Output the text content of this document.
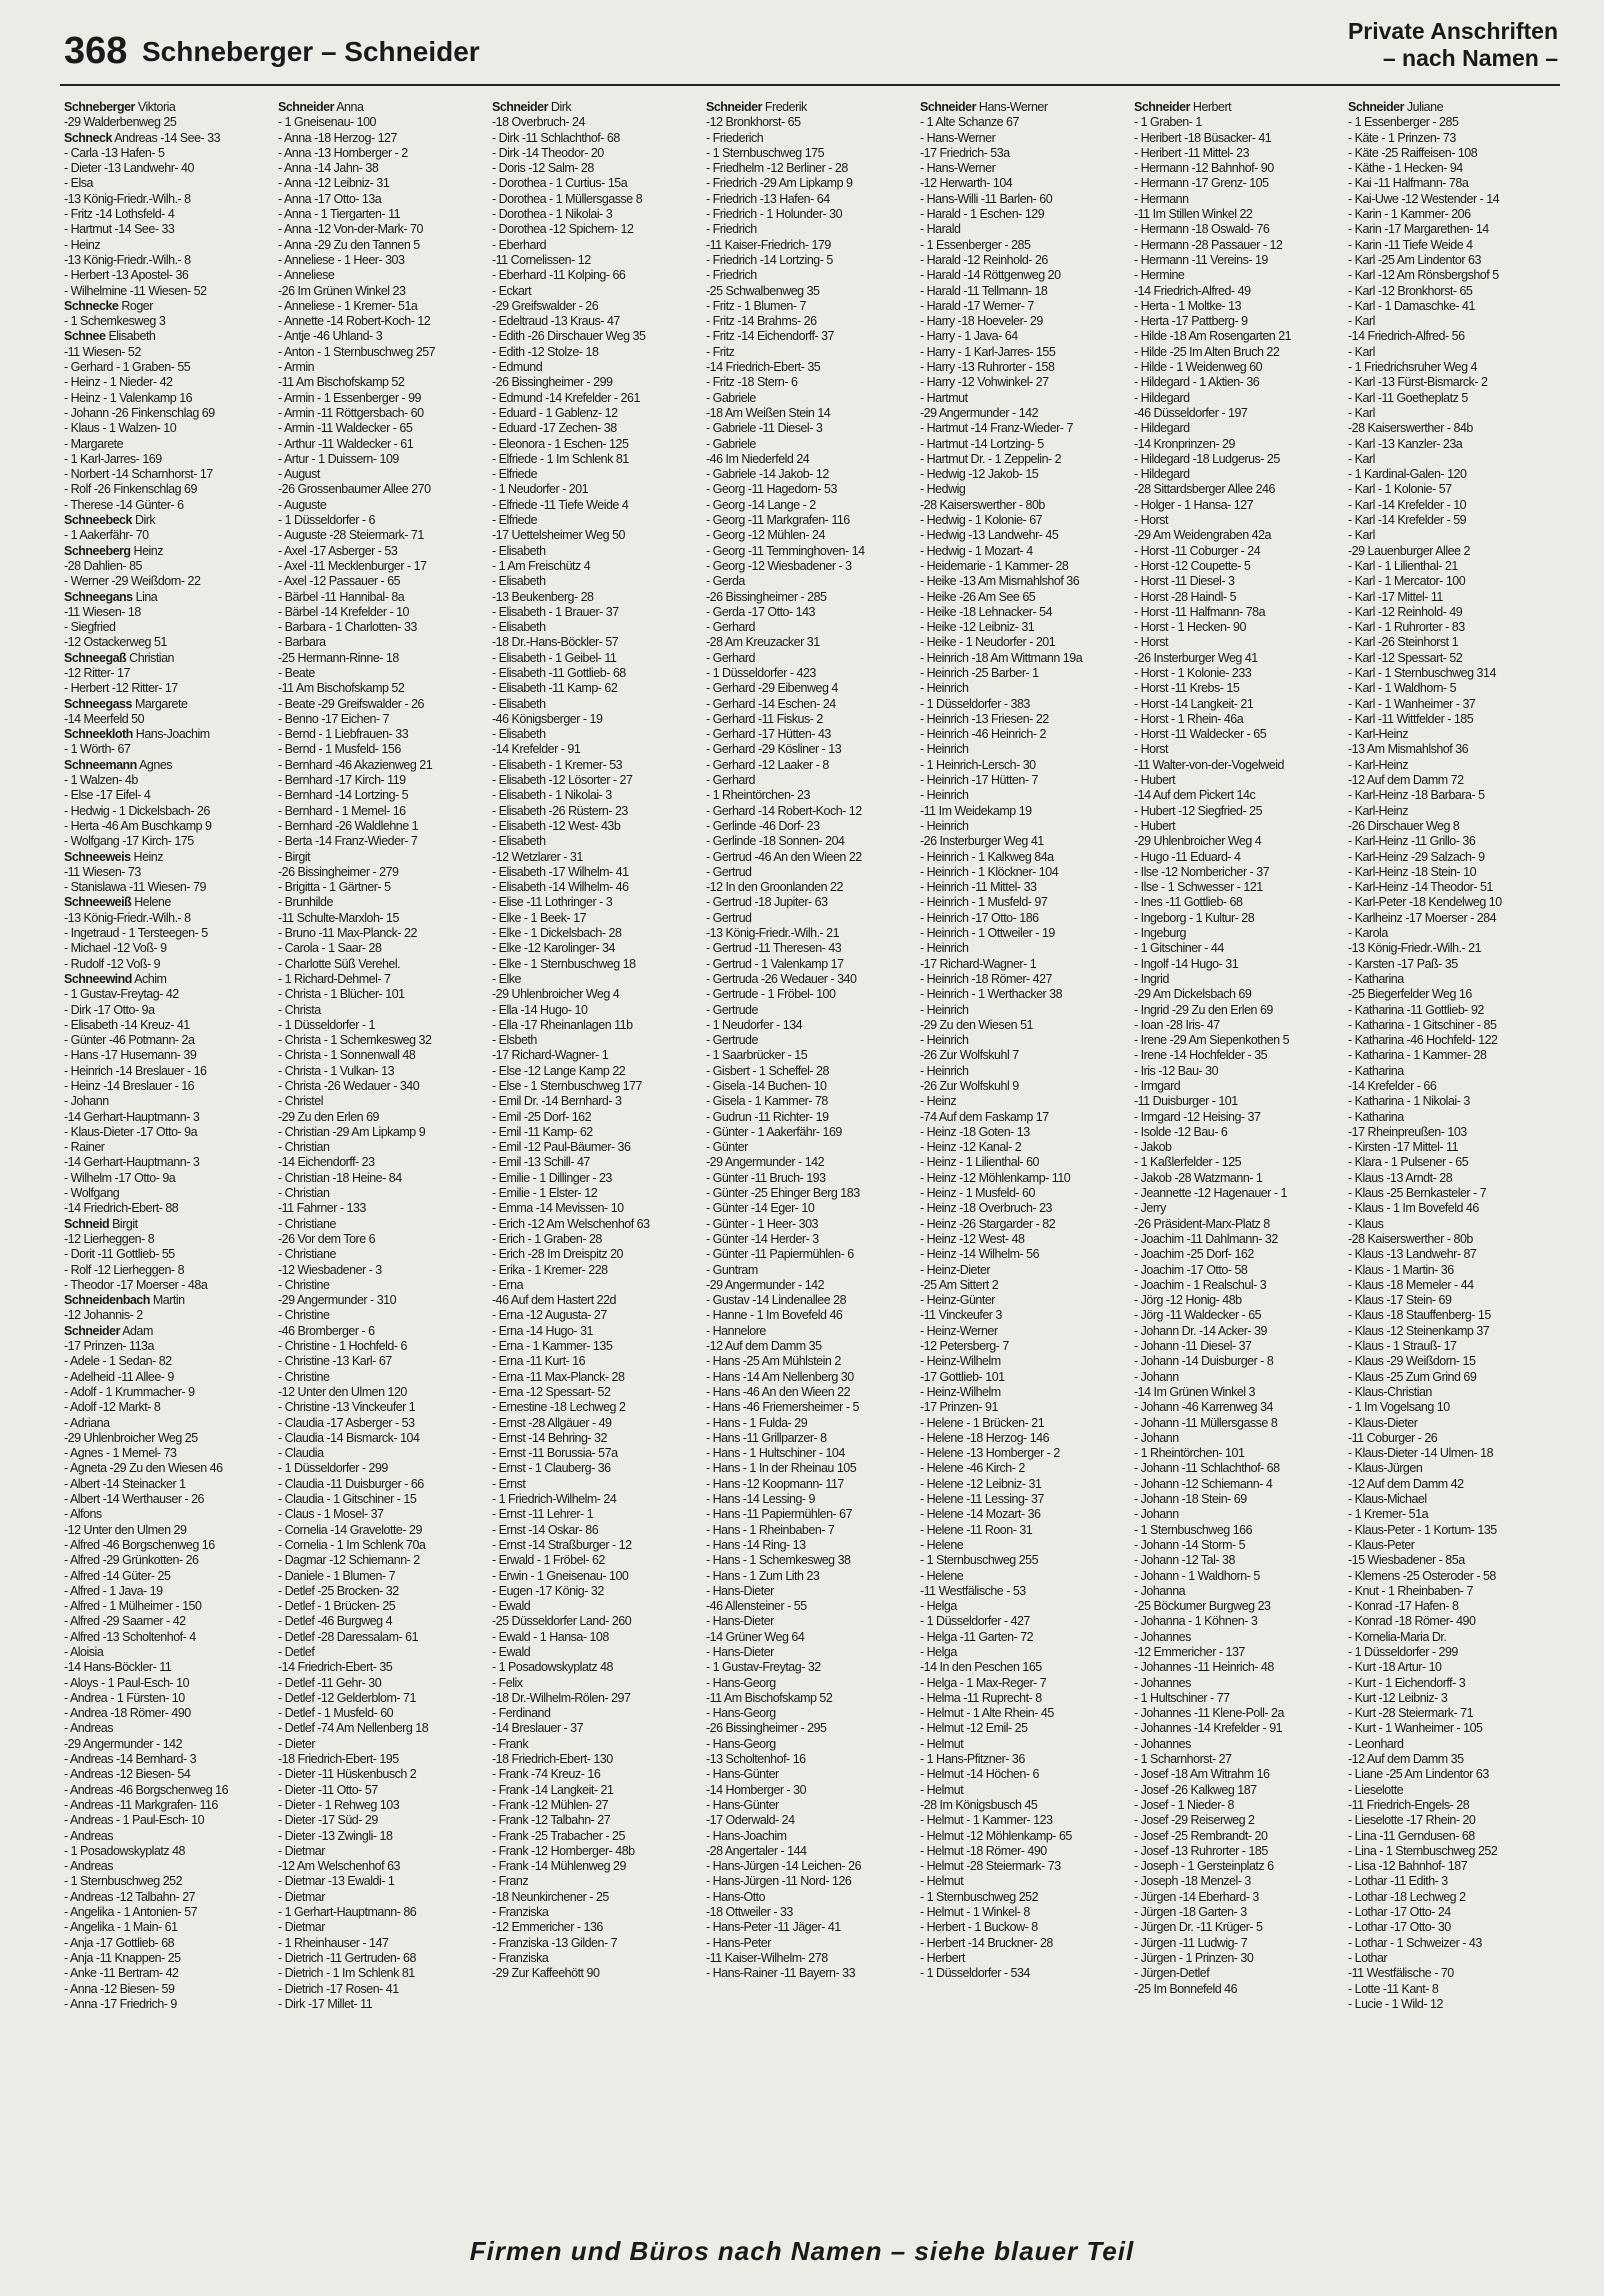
368 Schneberger – Schneider
Private Anschriften
– nach Namen –
Schneberger Viktoria
-29 Walderbenweg 25
Schneck Andreas -14 See- 33
- Carla -13 Hafen- 5
- Dieter -13 Landwehr- 40
- Elsa
-13 König-Friedr.-Wilh.- 8
- Fritz -14 Lothsfeld- 4
- Hartmut -14 See- 33
- Heinz
-13 König-Friedr.-Wilh.- 8
- Herbert -13 Apostel- 36
- Wilhelmine -11 Wiesen- 52
Schnecke Roger
- 1 Schemkesweg 3
Schnee Elisabeth
-11 Wiesen- 52
- Gerhard - 1 Graben- 55
- Heinz - 1 Nieder- 42
- Heinz - 1 Valenkamp 16
- Johann -26 Finkenschlag 69
- Klaus - 1 Walzen- 10
- Margarete
- 1 Karl-Jarres- 169
- Norbert -14 Scharnhorst- 17
- Rolf -26 Finkenschlag 69
- Therese -14 Günter- 6
Schneebeck Dirk
- 1 Aakerfähr- 70
Schneeberg Heinz
-28 Dahlien- 85
- Werner -29 Weißdorn- 22
Schneegans Lina
-11 Wiesen- 18
- Siegfried
-12 Ostackerweg 51
Schneegaß Christian
-12 Ritter- 17
- Herbert -12 Ritter- 17
Schneegass Margarete
-14 Meerfeld 50
Schneekloth Hans-Joachim
- 1 Wörth- 67
Schneemann Agnes
- 1 Walzen- 4b
- Else -17 Eifel- 4
- Hedwig - 1 Dickelsbach- 26
- Herta -46 Am Buschkamp 9
- Wolfgang -17 Kirch- 175
Schneeweis Heinz
-11 Wiesen- 73
- Stanislawa -11 Wiesen- 79
Schneeweiß Helene
-13 König-Friedr.-Wilh.- 8
- Ingetraud - 1 Tersteegen- 5
- Michael -12 Voß- 9
- Rudolf -12 Voß- 9
Schneewind Achim
- 1 Gustav-Freytag- 42
- Dirk -17 Otto- 9a
- Elisabeth -14 Kreuz- 41
- Günter -46 Potmann- 2a
- Hans -17 Husemann- 39
- Heinrich -14 Breslauer - 16
- Heinz -14 Breslauer - 16
- Johann
-14 Gerhart-Hauptmann- 3
- Klaus-Dieter -17 Otto- 9a
- Rainer
-14 Gerhart-Hauptmann- 3
- Wilhelm -17 Otto- 9a
- Wolfgang
-14 Friedrich-Ebert- 88
Schneid Birgit
-12 Lierheggen- 8
- Dorit -11 Gottlieb- 55
- Rolf -12 Lierheggen- 8
- Theodor -17 Moerser - 48a
Schneidenbach Martin
-12 Johannis- 2
Schneider Adam
-17 Prinzen- 113a
- Adele - 1 Sedan- 82
- Adelheid -11 Allee- 9
- Adolf - 1 Krummacher- 9
- Adolf -12 Markt- 8
- Adriana
-29 Uhlenbroicher Weg 25
- Agnes - 1 Memel- 73
- Agneta -29 Zu den Wiesen 46
- Albert -14 Steinacker 1
- Albert -14 Werthauser - 26
- Alfons
-12 Unter den Ulmen 29
- Alfred -46 Borgschenweg 16
- Alfred -29 Grünkotten- 26
- Alfred -14 Güter- 25
- Alfred - 1 Java- 19
- Alfred - 1 Mülheimer - 150
- Alfred -29 Saarner - 42
- Alfred -13 Scholtenhof- 4
- Aloisia
-14 Hans-Böckler- 11
- Aloys - 1 Paul-Esch- 10
- Andrea - 1 Fürsten- 10
- Andrea -18 Römer- 490
- Andreas
-29 Angermunder - 142
- Andreas -14 Bernhard- 3
- Andreas -12 Biesen- 54
- Andreas -46 Borgschenweg 16
- Andreas -11 Markgrafen- 116
- Andreas - 1 Paul-Esch- 10
- Andreas
- 1 Posadowskyplatz 48
- Andreas
- 1 Sternbuschweg 252
- Andreas -12 Talbahn- 27
- Angelika - 1 Antonien- 57
- Angelika - 1 Main- 61
- Anja -17 Gottlieb- 68
- Anja -11 Knappen- 25
- Anke -11 Bertram- 42
- Anna -12 Biesen- 59
- Anna -17 Friedrich- 9
Schneider Anna
- 1 Gneisenau- 100
- Anna -18 Herzog- 127
- Anna -13 Homberger - 2
- Anna -14 Jahn- 38
- Anna -12 Leibniz- 31
- Anna -17 Otto- 13a
- Anna - 1 Tiergarten- 11
- Anna -12 Von-der-Mark- 70
- Anna -29 Zu den Tannen 5
- Anneliese - 1 Heer- 303
- Anneliese
-26 Im Grünen Winkel 23
- Anneliese - 1 Kremer- 51a
- Annette -14 Robert-Koch- 12
- Antje -46 Uhland- 3
- Anton - 1 Sternbuschweg 257
- Armin
-11 Am Bischofskamp 52
- Armin - 1 Essenberger - 99
- Armin -11 Röttgersbach- 60
- Armin -11 Waldecker - 65
- Arthur -11 Waldecker - 61
- Artur - 1 Duissern- 109
- August
-26 Grossenbaumer Allee 270
- Auguste
- 1 Düsseldorfer - 6
- Auguste -28 Steiermark- 71
- Axel -17 Asberger - 53
- Axel -11 Mecklenburger - 17
- Axel -12 Passauer - 65
- Bärbel -11 Hannibal- 8a
- Bärbel -14 Krefelder - 10
- Barbara - 1 Charlotten- 33
- Barbara
-25 Hermann-Rinne- 18
- Beate
-11 Am Bischofskamp 52
- Beate -29 Greifswalder - 26
- Benno -17 Eichen- 7
- Bernd - 1 Liebfrauen- 33
- Bernd - 1 Musfeld- 156
- Bernhard -46 Akazienweg 21
- Bernhard -17 Kirch- 119
- Bernhard -14 Lortzing- 5
- Bernhard - 1 Memel- 16
- Bernhard -26 Waldlehne 1
- Berta -14 Franz-Wieder- 7
- Birgit
-26 Bissingheimer - 279
- Brigitta - 1 Gärtner- 5
- Brunhilde
-11 Schulte-Marxloh- 15
- Bruno -11 Max-Planck- 22
- Carola - 1 Saar- 28
- Charlotte Süß Verehel.
- 1 Richard-Dehmel- 7
- Christa - 1 Blücher- 101
- Christa
- 1 Düsseldorfer - 1
- Christa - 1 Schemkesweg 32
- Christa - 1 Sonnenwall 48
- Christa - 1 Vulkan- 13
- Christa -26 Wedauer - 340
- Christel
-29 Zu den Erlen 69
- Christian -29 Am Lipkamp 9
- Christian
-14 Eichendorff- 23
- Christian -18 Heine- 84
- Christian
-11 Fahrner - 133
- Christiane
-26 Vor dem Tore 6
- Christiane
-12 Wiesbadener - 3
- Christine
-29 Angermunder - 310
- Christine
-46 Bromberger - 6
- Christine - 1 Hochfeld- 6
- Christine -13 Karl- 67
- Christine
-12 Unter den Ulmen 120
- Christine -13 Vinckeufer 1
- Claudia -17 Asberger - 53
- Claudia -14 Bismarck- 104
- Claudia
- 1 Düsseldorfer - 299
- Claudia -11 Duisburger - 66
- Claudia - 1 Gitschiner - 15
- Claus - 1 Mosel- 37
- Cornelia -14 Gravelotte- 29
- Cornelia - 1 Im Schlenk 70a
- Dagmar -12 Schiemann- 2
- Daniele - 1 Blumen- 7
- Detlef -25 Brocken- 32
- Detlef - 1 Brücken- 25
- Detlef -46 Burgweg 4
- Detlef -28 Daressalam- 61
- Detlef
-14 Friedrich-Ebert- 35
- Detlef -11 Gehr- 30
- Detlef -12 Gelderblom- 71
- Detlef - 1 Musfeld- 60
- Detlef -74 Am Nellenberg 18
- Dieter
-18 Friedrich-Ebert- 195
- Dieter -11 Hüskenbusch 2
- Dieter -11 Otto- 57
- Dieter - 1 Rehweg 103
- Dieter -17 Süd- 29
- Dieter -13 Zwingli- 18
- Dietmar
-12 Am Welschenhof 63
- Dietmar -13 Ewaldi- 1
- Dietmar
- 1 Gerhart-Hauptmann- 86
- Dietmar
- 1 Rheinhauser - 147
- Dietrich -11 Gertruden- 68
- Dietrich - 1 Im Schlenk 81
- Dietrich -17 Rosen- 41
- Dirk -17 Millet- 11
Schneider Dirk
-18 Overbruch- 24
- Dirk -11 Schlachthof- 68
- Dirk -14 Theodor- 20
- Doris -12 Salm- 28
- Dorothea - 1 Curtius- 15a
- Dorothea - 1 Müllersgasse 8
- Dorothea - 1 Nikolai- 3
- Dorothea -12 Spichern- 12
- Eberhard
-11 Cornelissen- 12
- Eberhard -11 Kolping- 66
- Eckart
-29 Greifswalder - 26
- Edeltraud -13 Kraus- 47
- Edith -26 Dirschauer Weg 35
- Edith -12 Stolze- 18
- Edmund
-26 Bissingheimer - 299
- Edmund -14 Krefelder - 261
- Eduard - 1 Gablenz- 12
- Eduard -17 Zechen- 38
- Eleonora - 1 Eschen- 125
- Elfriede - 1 Im Schlenk 81
- Elfriede
- 1 Neudorfer - 201
- Elfriede -11 Tiefe Weide 4
- Elfriede
-17 Uettelsheimer Weg 50
- Elisabeth
- 1 Am Freischütz 4
- Elisabeth
-13 Beukenberg- 28
- Elisabeth - 1 Brauer- 37
- Elisabeth
-18 Dr.-Hans-Böckler- 57
- Elisabeth - 1 Geibel- 11
- Elisabeth -11 Gottlieb- 68
- Elisabeth -11 Kamp- 62
- Elisabeth
-46 Königsberger - 19
- Elisabeth
-14 Krefelder - 91
- Elisabeth - 1 Kremer- 53
- Elisabeth -12 Lösorter - 27
- Elisabeth - 1 Nikolai- 3
- Elisabeth -26 Rüstern- 23
- Elisabeth -12 West- 43b
- Elisabeth
-12 Wetzlarer - 31
- Elisabeth -17 Wilhelm- 41
- Elisabeth -14 Wilhelm- 46
- Elise -11 Lothringer - 3
- Elke - 1 Beek- 17
- Elke - 1 Dickelsbach- 28
- Elke -12 Karolinger- 34
- Elke - 1 Sternbuschweg 18
- Elke
-29 Uhlenbroicher Weg 4
- Ella -14 Hugo- 10
- Ella -17 Rheinanlagen 11b
- Elsbeth
-17 Richard-Wagner- 1
- Else -12 Lange Kamp 22
- Else - 1 Sternbuschweg 177
- Emil Dr. -14 Bernhard- 3
- Emil -25 Dorf- 162
- Emil -11 Kamp- 62
- Emil -12 Paul-Bäumer- 36
- Emil -13 Schill- 47
- Emilie - 1 Dillinger - 23
- Emilie - 1 Elster- 12
- Emma -14 Mevissen- 10
- Erich -12 Am Welschenhof 63
- Erich - 1 Graben- 28
- Erich -28 Im Dreispitz 20
- Erika - 1 Kremer- 228
- Erna
-46 Auf dem Hastert 22d
- Erna -12 Augusta- 27
- Erna -14 Hugo- 31
- Erna - 1 Kammer- 135
- Erna -11 Kurt- 16
- Erna -11 Max-Planck- 28
- Erna -12 Spessart- 52
- Ernestine -18 Lechweg 2
- Ernst -28 Allgäuer - 49
- Ernst -14 Behring- 32
- Ernst -11 Borussia- 57a
- Ernst - 1 Clauberg- 36
- Ernst
- 1 Friedrich-Wilhelm- 24
- Ernst -11 Lehrer- 1
- Ernst -14 Oskar- 86
- Ernst -14 Straßburger - 12
- Erwald - 1 Fröbel- 62
- Erwin - 1 Gneisenau- 100
- Eugen -17 König- 32
- Ewald
-25 Düsseldorfer Land- 260
- Ewald - 1 Hansa- 108
- Ewald
- 1 Posadowskyplatz 48
- Felix
-18 Dr.-Wilhelm-Rölen- 297
- Ferdinand
-14 Breslauer - 37
- Frank
-18 Friedrich-Ebert- 130
- Frank -74 Kreuz- 16
- Frank -14 Langkeit- 21
- Frank -12 Mühlen- 27
- Frank -12 Talbahn- 27
- Frank -25 Trabacher - 25
- Frank -12 Homberger- 48b
- Frank -14 Mühlenweg 29
- Franz
-18 Neunkirchener - 25
- Franziska
-12 Emmericher - 136
- Franziska -13 Gilden- 7
- Franziska
-29 Zur Kaffeehött 90
Schneider Frederik
-12 Bronkhorst- 65
- Friederich
- 1 Sternbuschweg 175
- Friedhelm -12 Berliner - 28
- Friedrich -29 Am Lipkamp 9
- Friedrich -13 Hafen- 64
- Friedrich - 1 Holunder- 30
- Friedrich
-11 Kaiser-Friedrich- 179
- Friedrich -14 Lortzing- 5
- Friedrich
-25 Schwalbenweg 35
- Fritz - 1 Blumen- 7
- Fritz -14 Brahms- 26
- Fritz -14 Eichendorff- 37
- Fritz
-14 Friedrich-Ebert- 35
- Fritz -18 Stern- 6
- Gabriele
-18 Am Weißen Stein 14
- Gabriele -11 Diesel- 3
- Gabriele
-46 Im Niederfeld 24
- Gabriele -14 Jakob- 12
- Georg -11 Hagedorn- 53
- Georg -14 Lange - 2
- Georg -11 Markgrafen- 116
- Georg -12 Mühlen- 24
- Georg -11 Temminghoven- 14
- Georg -12 Wiesbadener - 3
- Gerda
-26 Bissingheimer - 285
- Gerda -17 Otto- 143
- Gerhard
-28 Am Kreuzacker 31
- Gerhard
- 1 Düsseldorfer - 423
- Gerhard -29 Eibenweg 4
- Gerhard -14 Eschen- 24
- Gerhard -11 Fiskus- 2
- Gerhard -17 Hütten- 43
- Gerhard -29 Kösliner - 13
- Gerhard -12 Laaker - 8
- Gerhard
- 1 Rheintörchen- 23
- Gerhard -14 Robert-Koch- 12
- Gerlinde -46 Dorf- 23
- Gerlinde -18 Sonnen- 204
- Gertrud -46 An den Wieen 22
- Gertrud
-12 In den Groonlanden 22
- Gertrud -18 Jupiter- 63
- Gertrud
-13 König-Friedr.-Wilh.- 21
- Gertrud -11 Theresen- 43
- Gertrud - 1 Valenkamp 17
- Gertruda -26 Wedauer - 340
- Gertrude - 1 Fröbel- 100
- Gertrude
- 1 Neudorfer - 134
- Gertrude
- 1 Saarbrücker - 15
- Gisbert - 1 Scheffel- 28
- Gisela -14 Buchen- 10
- Gisela - 1 Kammer- 78
- Gudrun -11 Richter- 19
- Günter - 1 Aakerfähr- 169
- Günter
-29 Angermunder - 142
- Günter -11 Bruch- 193
- Günter -25 Ehinger Berg 183
- Günter -14 Eger- 10
- Günter - 1 Heer- 303
- Günter -14 Herder- 3
- Günter -11 Papiermühlen- 6
- Guntram
-29 Angermunder - 142
- Gustav -14 Lindenallee 28
- Hanne - 1 Im Bovefeld 46
- Hannelore
-12 Auf dem Damm 35
- Hans -25 Am Mühlstein 2
- Hans -14 Am Nellenberg 30
- Hans -46 An den Wieen 22
- Hans -46 Friemersheimer - 5
- Hans - 1 Fulda- 29
- Hans -11 Grillparzer- 8
- Hans - 1 Hultschiner - 104
- Hans - 1 In der Rheinau 105
- Hans -12 Koopmann- 117
- Hans -14 Lessing- 9
- Hans -11 Papiermühlen- 67
- Hans - 1 Rheinbaben- 7
- Hans -14 Ring- 13
- Hans - 1 Schemkesweg 38
- Hans - 1 Zum Lith 23
- Hans-Dieter
-46 Allensteiner - 55
- Hans-Dieter
-14 Grüner Weg 64
- Hans-Dieter
- 1 Gustav-Freytag- 32
- Hans-Georg
-11 Am Bischofskamp 52
- Hans-Georg
-26 Bissingheimer - 295
- Hans-Georg
-13 Scholtenhof- 16
- Hans-Günter
-14 Homberger - 30
- Hans-Günter
-17 Oderwald- 24
- Hans-Joachim
-28 Angertaler - 144
- Hans-Jürgen -14 Leichen- 26
- Hans-Jürgen -11 Nord- 126
- Hans-Otto
-18 Ottweiler - 33
- Hans-Peter -11 Jäger- 41
- Hans-Peter
-11 Kaiser-Wilhelm- 278
- Hans-Rainer -11 Bayern- 33
Schneider Hans-Werner
- 1 Alte Schanze 67
- Hans-Werner
-17 Friedrich- 53a
- Hans-Werner
-12 Herwarth- 104
- Hans-Willi -11 Barlen- 60
- Harald - 1 Eschen- 129
- Harald
- 1 Essenberger - 285
- Harald -12 Reinhold- 26
- Harald -14 Röttgenweg 20
- Harald -11 Tellmann- 18
- Harald -17 Werner- 7
- Harry -18 Hoeveler- 29
- Harry - 1 Java- 64
- Harry - 1 Karl-Jarres- 155
- Harry -13 Ruhrorter - 158
- Harry -12 Vohwinkel- 27
- Hartmut
-29 Angermunder - 142
- Hartmut -14 Franz-Wieder- 7
- Hartmut -14 Lortzing- 5
- Hartmut Dr. - 1 Zeppelin- 2
- Hedwig -12 Jakob- 15
- Hedwig
-28 Kaiserswerther - 80b
- Hedwig - 1 Kolonie- 67
- Hedwig -13 Landwehr- 45
- Hedwig - 1 Mozart- 4
- Heidemarie - 1 Kammer- 28
- Heike -13 Am Mismahlshof 36
- Heike -26 Am See 65
- Heike -18 Lehnacker- 54
- Heike -12 Leibniz- 31
- Heike - 1 Neudorfer - 201
- Heinrich -18 Am Wittmann 19a
- Heinrich -25 Barber- 1
- Heinrich
- 1 Düsseldorfer - 383
- Heinrich -13 Friesen- 22
- Heinrich -46 Heinrich- 2
- Heinrich
- 1 Heinrich-Lersch- 30
- Heinrich -17 Hütten- 7
- Heinrich
-11 Im Weidekamp 19
- Heinrich
-26 Insterburger Weg 41
- Heinrich - 1 Kalkweg 84a
- Heinrich - 1 Klöckner- 104
- Heinrich -11 Mittel- 33
- Heinrich - 1 Musfeld- 97
- Heinrich -17 Otto- 186
- Heinrich - 1 Ottweiler - 19
- Heinrich
-17 Richard-Wagner- 1
- Heinrich -18 Römer- 427
- Heinrich - 1 Werthacker 38
- Heinrich
-29 Zu den Wiesen 51
- Heinrich
-26 Zur Wolfskuhl 7
- Heinrich
-26 Zur Wolfskuhl 9
- Heinz
-74 Auf dem Faskamp 17
- Heinz -18 Goten- 13
- Heinz -12 Kanal- 2
- Heinz - 1 Lilienthal- 60
- Heinz -12 Möhlenkamp- 110
- Heinz - 1 Musfeld- 60
- Heinz -18 Overbruch- 23
- Heinz -26 Stargarder - 82
- Heinz -12 West- 48
- Heinz -14 Wilhelm- 56
- Heinz-Dieter
-25 Am Sittert 2
- Heinz-Günter
-11 Vinckeufer 3
- Heinz-Werner
-12 Petersberg- 7
- Heinz-Wilhelm
-17 Gottlieb- 101
- Heinz-Wilhelm
-17 Prinzen- 91
- Helene - 1 Brücken- 21
- Helene -18 Herzog- 146
- Helene -13 Homberger - 2
- Helene -46 Kirch- 2
- Helene -12 Leibniz- 31
- Helene -11 Lessing- 37
- Helene -14 Mozart- 36
- Helene -11 Roon- 31
- Helene
- 1 Sternbuschweg 255
- Helene
-11 Westfälische - 53
- Helga
- 1 Düsseldorfer - 427
- Helga -11 Garten- 72
- Helga
-14 In den Peschen 165
- Helga - 1 Max-Reger- 7
- Helma -11 Ruprecht- 8
- Helmut - 1 Alte Rhein- 45
- Helmut -12 Emil- 25
- Helmut
- 1 Hans-Pfitzner- 36
- Helmut -14 Höchen- 6
- Helmut
-28 Im Königsbusch 45
- Helmut - 1 Kammer- 123
- Helmut -12 Möhlenkamp- 65
- Helmut -18 Römer- 490
- Helmut -28 Steiermark- 73
- Helmut
- 1 Sternbuschweg 252
- Helmut - 1 Winkel- 8
- Herbert - 1 Buckow- 8
- Herbert -14 Bruckner- 28
- Herbert
- 1 Düsseldorfer - 534
Schneider Herbert
- 1 Graben- 1
- Heribert -18 Büsacker- 41
- Heribert -11 Mittel- 23
- Hermann -12 Bahnhof- 90
- Hermann -17 Grenz- 105
- Hermann
-11 Im Stillen Winkel 22
- Hermann -18 Oswald- 76
- Hermann -28 Passauer - 12
- Hermann -11 Vereins- 19
- Hermine
-14 Friedrich-Alfred- 49
- Herta - 1 Moltke- 13
- Herta -17 Pattberg- 9
- Hilde -18 Am Rosengarten 21
- Hilde -25 Im Alten Bruch 22
- Hilde - 1 Weidenweg 60
- Hildegard - 1 Aktien- 36
- Hildegard
-46 Düsseldorfer - 197
- Hildegard
-14 Kronprinzen- 29
- Hildegard -18 Ludgerus- 25
- Hildegard
-28 Sittardsberger Allee 246
- Holger - 1 Hansa- 127
- Horst
-29 Am Weidengraben 42a
- Horst -11 Coburger - 24
- Horst -12 Coupette- 5
- Horst -11 Diesel- 3
- Horst -28 Haindl- 5
- Horst -11 Halfmann- 78a
- Horst - 1 Hecken- 90
- Horst
-26 Insterburger Weg 41
- Horst - 1 Kolonie- 233
- Horst -11 Krebs- 15
- Horst -14 Langkeit- 21
- Horst - 1 Rhein- 46a
- Horst -11 Waldecker - 65
- Horst
-11 Walter-von-der-Vogelweid
- Hubert
-14 Auf dem Pickert 14c
- Hubert -12 Siegfried- 25
- Hubert
-29 Uhlenbroicher Weg 4
- Hugo -11 Eduard- 4
- Ilse -12 Nombericher - 37
- Ilse - 1 Schwesser - 121
- Ines -11 Gottlieb- 68
- Ingeborg - 1 Kultur- 28
- Ingeburg
- 1 Gitschiner - 44
- Ingolf -14 Hugo- 31
- Ingrid
-29 Am Dickelsbach 69
- Ingrid -29 Zu den Erlen 69
- Ioan -28 Iris- 47
- Irene -29 Am Siepenkothen 5
- Irene -14 Hochfelder - 35
- Iris -12 Bau- 30
- Irmgard
-11 Duisburger - 101
- Irmgard -12 Heising- 37
- Isolde -12 Bau- 6
- Jakob
- 1 Kaßlerfelder - 125
- Jakob -28 Watzmann- 1
- Jeannette -12 Hagenauer - 1
- Jerry
-26 Präsident-Marx-Platz 8
- Joachim -11 Dahlmann- 32
- Joachim -25 Dorf- 162
- Joachim -17 Otto- 58
- Joachim - 1 Realschul- 3
- Jörg -12 Honig- 48b
- Jörg -11 Waldecker - 65
- Johann Dr. -14 Acker- 39
- Johann -11 Diesel- 37
- Johann -14 Duisburger - 8
- Johann
-14 Im Grünen Winkel 3
- Johann -46 Karrenweg 34
- Johann -11 Müllersgasse 8
- Johann
- 1 Rheintörchen- 101
- Johann -11 Schlachthof- 68
- Johann -12 Schiemann- 4
- Johann -18 Stein- 69
- Johann
- 1 Sternbuschweg 166
- Johann -14 Storm- 5
- Johann -12 Tal- 38
- Johann - 1 Waldhorn- 5
- Johanna
-25 Böckumer Burgweg 23
- Johanna - 1 Köhnen- 3
- Johannes
-12 Emmericher - 137
- Johannes -11 Heinrich- 48
- Johannes
- 1 Hultschiner - 77
- Johannes -11 Klene-Poll- 2a
- Johannes -14 Krefelder - 91
- Johannes
- 1 Scharnhorst- 27
- Josef -18 Am Witrahm 16
- Josef -26 Kalkweg 187
- Josef - 1 Nieder- 8
- Josef -29 Reiserweg 2
- Josef -25 Rembrandt- 20
- Josef -13 Ruhrorter - 185
- Joseph - 1 Gersteinplatz 6
- Joseph -18 Menzel- 3
- Jürgen -14 Eberhard- 3
- Jürgen -18 Garten- 3
- Jürgen Dr. -11 Krüger- 5
- Jürgen -11 Ludwig- 7
- Jürgen - 1 Prinzen- 30
- Jürgen-Detlef
-25 Im Bonnefeld 46
Schneider Juliane
- 1 Essenberger - 285
- Käte - 1 Prinzen- 73
- Käte -25 Raiffeisen- 108
- Käthe - 1 Hecken- 94
- Kai -11 Halfmann- 78a
- Kai-Uwe -12 Westender - 14
- Karin - 1 Kammer- 206
- Karin -17 Margarethen- 14
- Karin -11 Tiefe Weide 4
- Karl -25 Am Lindentor 63
- Karl -12 Am Rönsbergshof 5
- Karl -12 Bronkhorst- 65
- Karl - 1 Damaschke- 41
- Karl
-14 Friedrich-Alfred- 56
- Karl
- 1 Friedrichsruher Weg 4
- Karl -13 Fürst-Bismarck- 2
- Karl -11 Goetheplatz 5
- Karl
-28 Kaiserswerther - 84b
- Karl -13 Kanzler- 23a
- Karl
- 1 Kardinal-Galen- 120
- Karl - 1 Kolonie- 57
- Karl -14 Krefelder - 10
- Karl -14 Krefelder - 59
- Karl
-29 Lauenburger Allee 2
- Karl - 1 Lilienthal- 21
- Karl - 1 Mercator- 100
- Karl -17 Mittel- 11
- Karl -12 Reinhold- 49
- Karl - 1 Ruhrorter - 83
- Karl -26 Steinhorst 1
- Karl -12 Spessart- 52
- Karl - 1 Sternbuschweg 314
- Karl - 1 Waldhorn- 5
- Karl - 1 Wanheimer - 37
- Karl -11 Wittfelder - 185
- Karl-Heinz
-13 Am Mismahlshof 36
- Karl-Heinz
-12 Auf dem Damm 72
- Karl-Heinz -18 Barbara- 5
- Karl-Heinz
-26 Dirschauer Weg 8
- Karl-Heinz -11 Grillo- 36
- Karl-Heinz -29 Salzach- 9
- Karl-Heinz -18 Stein- 10
- Karl-Heinz -14 Theodor- 51
- Karl-Peter -18 Kendelweg 10
- Karlheinz -17 Moerser - 284
- Karola
-13 König-Friedr.-Wilh.- 21
- Karsten -17 Paß- 35
- Katharina
-25 Biegerfelder Weg 16
- Katharina -11 Gottlieb- 92
- Katharina - 1 Gitschiner - 85
- Katharina -46 Hochfeld- 122
- Katharina - 1 Kammer- 28
- Katharina
-14 Krefelder - 66
- Katharina - 1 Nikolai- 3
- Katharina
-17 Rheinpreußen- 103
- Kirsten -17 Mittel- 11
- Klara - 1 Pulsener - 65
- Klaus -13 Arndt- 28
- Klaus -25 Bernkasteler - 7
- Klaus - 1 Im Bovefeld 46
- Klaus
-28 Kaiserswerther - 80b
- Klaus -13 Landwehr- 87
- Klaus - 1 Martin- 36
- Klaus -18 Memeler - 44
- Klaus -17 Stein- 69
- Klaus -18 Stauffenberg- 15
- Klaus -12 Steinenkamp 37
- Klaus - 1 Strauß- 17
- Klaus -29 Weißdorn- 15
- Klaus -25 Zum Grind 69
- Klaus-Christian
- 1 Im Vogelsang 10
- Klaus-Dieter
-11 Coburger - 26
- Klaus-Dieter -14 Ulmen- 18
- Klaus-Jürgen
-12 Auf dem Damm 42
- Klaus-Michael
- 1 Kremer- 51a
- Klaus-Peter - 1 Kortum- 135
- Klaus-Peter
-15 Wiesbadener - 85a
- Klemens -25 Osteroder - 58
- Knut - 1 Rheinbaben- 7
- Konrad -17 Hafen- 8
- Konrad -18 Römer- 490
- Kornelia-Maria Dr.
- 1 Düsseldorfer - 299
- Kurt -18 Artur- 10
- Kurt - 1 Eichendorff- 3
- Kurt -12 Leibniz- 3
- Kurt -28 Steiermark- 71
- Kurt - 1 Wanheimer - 105
- Leonhard
-12 Auf dem Damm 35
- Liane -25 Am Lindentor 63
- Lieselotte
-11 Friedrich-Engels- 28
- Lieselotte -17 Rhein- 20
- Lina -11 Gerndusen- 68
- Lina - 1 Sternbuschweg 252
- Lisa -12 Bahnhof- 187
- Lothar -11 Edith- 3
- Lothar -18 Lechweg 2
- Lothar -17 Otto- 24
- Lothar -17 Otto- 30
- Lothar - 1 Schweizer - 43
- Lothar
-11 Westfälische - 70
- Lotte -11 Kant- 8
- Lucie - 1 Wild- 12
Firmen und Büros nach Namen – siehe blauer Teil
